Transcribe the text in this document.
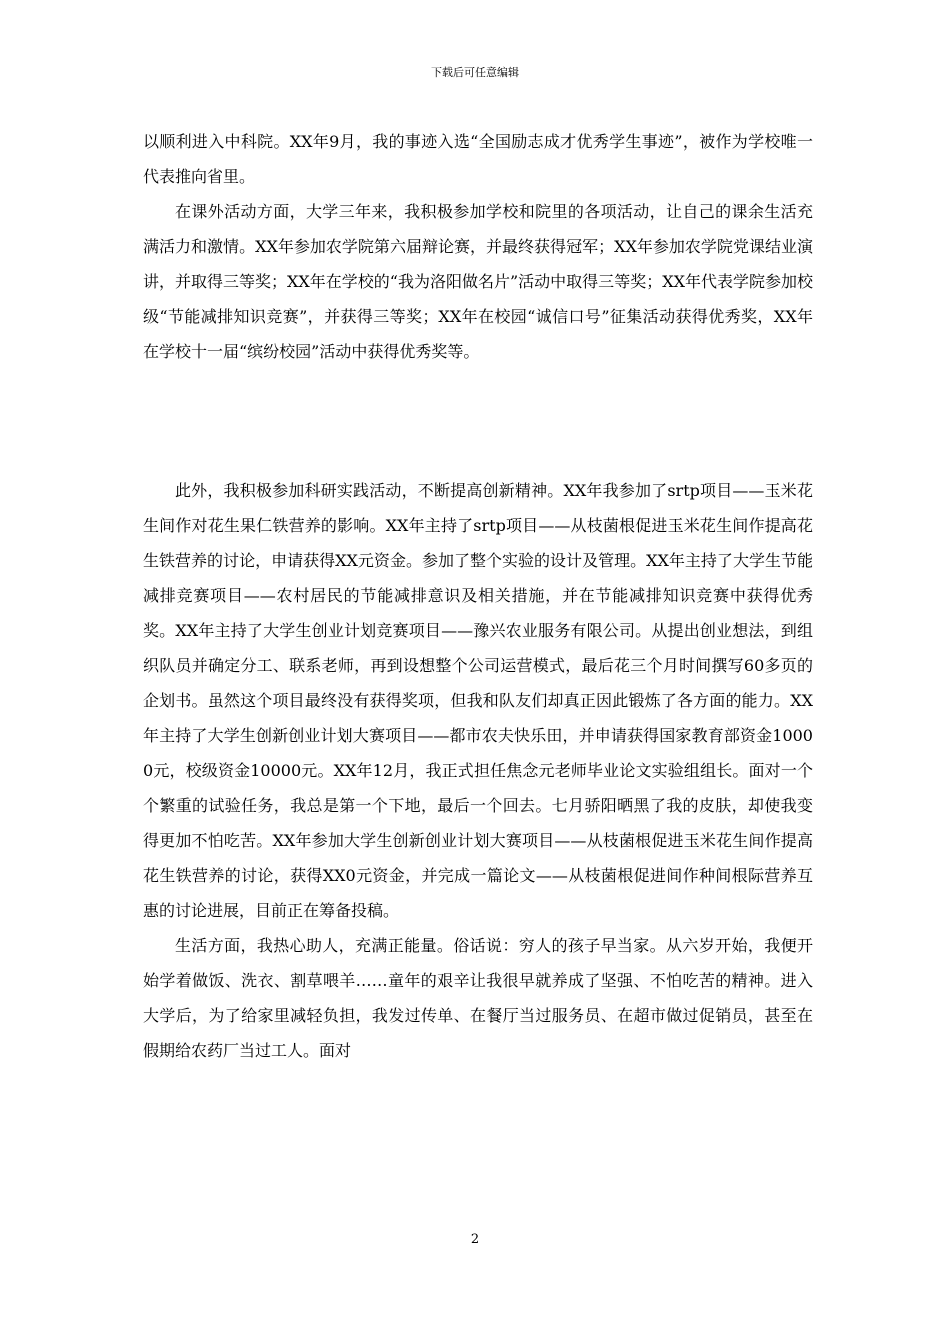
下载后可任意编辑

以顺利进入中科院。XX年9月，我的事迹入选“全国励志成才优秀学生事迹”，被作为学校唯一代表推向省里。

在课外活动方面，大学三年来，我积极参加学校和院里的各项活动，让自己的课余生活充满活力和激情。XX年参加农学院第六届辩论赛，并最终获得冠军；XX年参加农学院党课结业演讲，并取得三等奖；XX年在学校的“我为洛阳做名片”活动中取得三等奖；XX年代表学院参加校级“节能减排知识竞赛”，并获得三等奖；XX年在校园“诚信口号”征集活动获得优秀奖，XX年在学校十一届“缤纷校园”活动中获得优秀奖等。

此外，我积极参加科研实践活动，不断提高创新精神。XX年我参加了srtp项目——玉米花生间作对花生果仁铁营养的影响。XX年主持了srtp项目——从枝菌根促进玉米花生间作提高花生铁营养的讨论，申请获得XX元资金。参加了整个实验的设计及管理。XX年主持了大学生节能减排竞赛项目——农村居民的节能减排意识及相关措施，并在节能减排知识竞赛中获得优秀奖。XX年主持了大学生创业计划竞赛项目——豫兴农业服务有限公司。从提出创业想法，到组织队员并确定分工、联系老师，再到设想整个公司运营模式，最后花三个月时间撰写60多页的企划书。虽然这个项目最终没有获得奖项，但我和队友们却真正因此锻炼了各方面的能力。XX年主持了大学生创新创业计划大赛项目——都市农夫快乐田，并申请获得国家教育部资金10000元，校级资金10000元。XX年12月，我正式担任焦念元老师毕业论文实验组组长。面对一个个繁重的试验任务，我总是第一个下地，最后一个回去。七月骄阳晒黑了我的皮肤，却使我变得更加不怕吃苦。XX年参加大学生创新创业计划大赛项目——从枝菌根促进玉米花生间作提高花生铁营养的讨论，获得XX0元资金，并完成一篇论文——从枝菌根促进间作种间根际营养互惠的讨论进展，目前正在筹备投稿。

生活方面，我热心助人，充满正能量。俗话说：穷人的孩子早当家。从六岁开始，我便开始学着做饭、洗衣、割草喂羊……童年的艰辛让我很早就养成了坚强、不怕吃苦的精神。进入大学后，为了给家里减轻负担，我发过传单、在餐厅当过服务员、在超市做过促销员，甚至在假期给农药厂当过工人。面对

2
